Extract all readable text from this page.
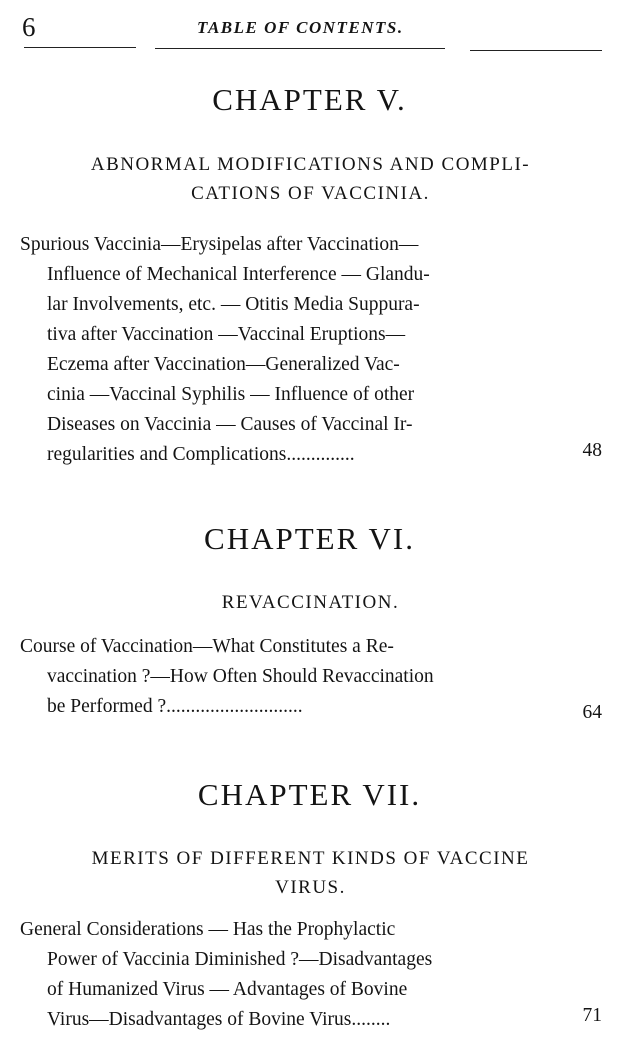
6	TABLE OF CONTENTS.
CHAPTER V.
ABNORMAL MODIFICATIONS AND COMPLI-
CATIONS OF VACCINIA.
Spurious Vaccinia—Erysipelas after Vaccination—
Influence of Mechanical Interference — Glandu-
lar Involvements, etc. — Otitis Media Suppura-
tiva after Vaccination —Vaccinal Eruptions—
Eczema after Vaccination—Generalized Vac-
cinia —Vaccinal Syphilis — Influence of other
Diseases on Vaccinia — Causes of Vaccinal Ir-
regularities and Complications..............	48
CHAPTER VI.
REVACCINATION.
Course of Vaccination—What Constitutes a Re-
vaccination ?—How Often Should Revaccination
be Performed ?............................	64
CHAPTER VII.
MERITS OF DIFFERENT KINDS OF VACCINE
VIRUS.
General Considerations — Has the Prophylactic
Power of Vaccinia Diminished ?—Disadvantages
of Humanized Virus — Advantages of Bovine
Virus—Disadvantages of Bovine Virus........	71
